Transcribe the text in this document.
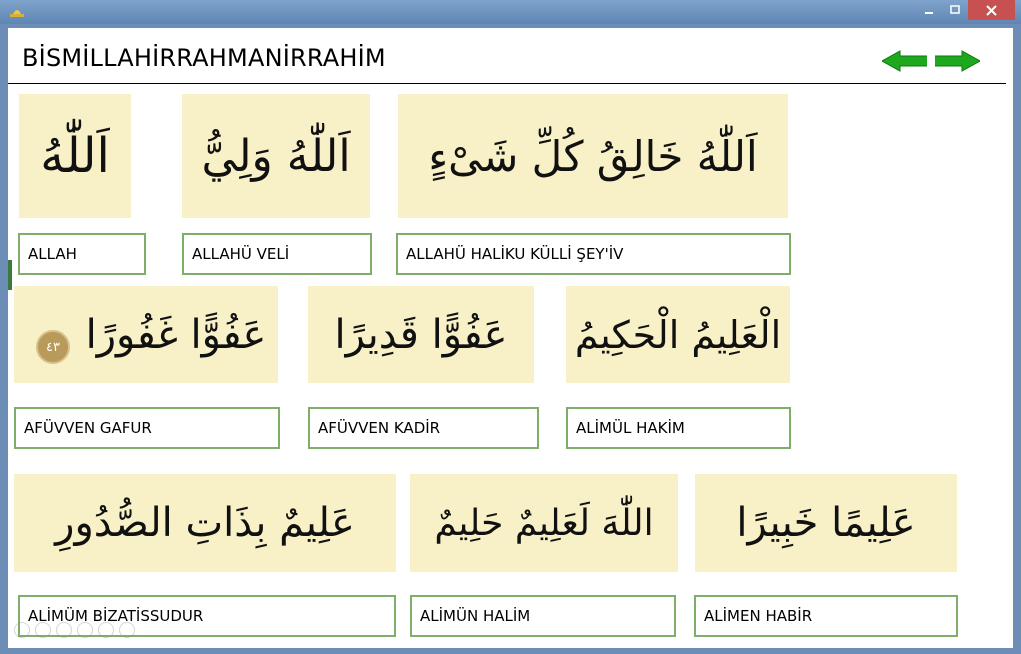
BİSMİLLAHİRRAHMANİRRAHİM
اَللّٰهُ اَللّٰهُ وَلِيُّ اَللّٰهُ خَالِقُ كُلِّ شَىْءٍ
ALLAH	ALLAHÜ VELİ	ALLAHÜ HALİKU KÜLLİ ŞEY'İV
٤٣ عَفُوًّا غَفُورًا عَفُوًّا قَدِيرًا الْعَلِيمُ الْحَكِيمُ
AFÜVVEN GAFUR	AFÜVVEN KADİR	ALİMÜL HAKİM
عَلِيمٌ بِذَاتِ الصُّدُورِ اللّٰهَ لَعَلِيمٌ حَلِيمٌ عَلِيمًا خَبِيرًا
ALİMÜM BİZATİSSUDUR	ALİMÜN HALİM	ALİMEN HABİR
